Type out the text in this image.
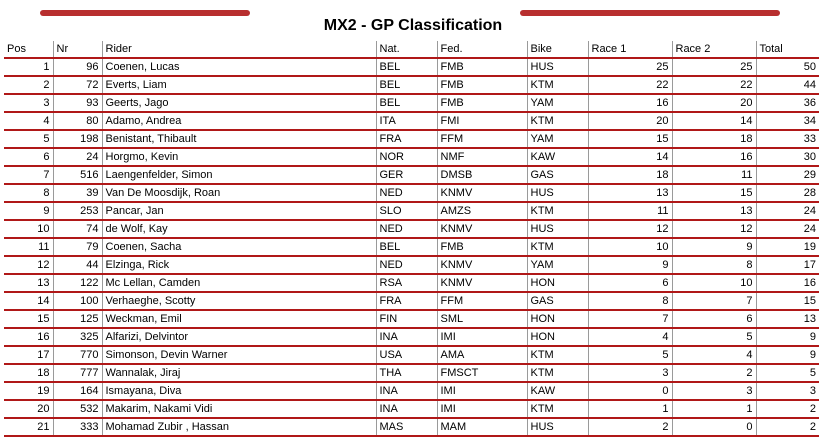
MX2 - GP Classification
Pos	Nr	Rider	Nat.	Fed.	Bike	Race 1	Race 2	Total
1	96	Coenen, Lucas	BEL	FMB	HUS	25	25	50
2	72	Everts, Liam	BEL	FMB	KTM	22	22	44
3	93	Geerts, Jago	BEL	FMB	YAM	16	20	36
4	80	Adamo, Andrea	ITA	FMI	KTM	20	14	34
5	198	Benistant, Thibault	FRA	FFM	YAM	15	18	33
6	24	Horgmo, Kevin	NOR	NMF	KAW	14	16	30
7	516	Laengenfelder, Simon	GER	DMSB	GAS	18	11	29
8	39	Van De Moosdijk, Roan	NED	KNMV	HUS	13	15	28
9	253	Pancar, Jan	SLO	AMZS	KTM	11	13	24
10	74	de Wolf, Kay	NED	KNMV	HUS	12	12	24
11	79	Coenen, Sacha	BEL	FMB	KTM	10	9	19
12	44	Elzinga, Rick	NED	KNMV	YAM	9	8	17
13	122	Mc Lellan, Camden	RSA	KNMV	HON	6	10	16
14	100	Verhaeghe, Scotty	FRA	FFM	GAS	8	7	15
15	125	Weckman, Emil	FIN	SML	HON	7	6	13
16	325	Alfarizi, Delvintor	INA	IMI	HON	4	5	9
17	770	Simonson, Devin Warner	USA	AMA	KTM	5	4	9
18	777	Wannalak, Jiraj	THA	FMSCT	KTM	3	2	5
19	164	Ismayana, Diva	INA	IMI	KAW	0	3	3
20	532	Makarim, Nakami Vidi	INA	IMI	KTM	1	1	2
21	333	Mohamad Zubir , Hassan	MAS	MAM	HUS	2	0	2
